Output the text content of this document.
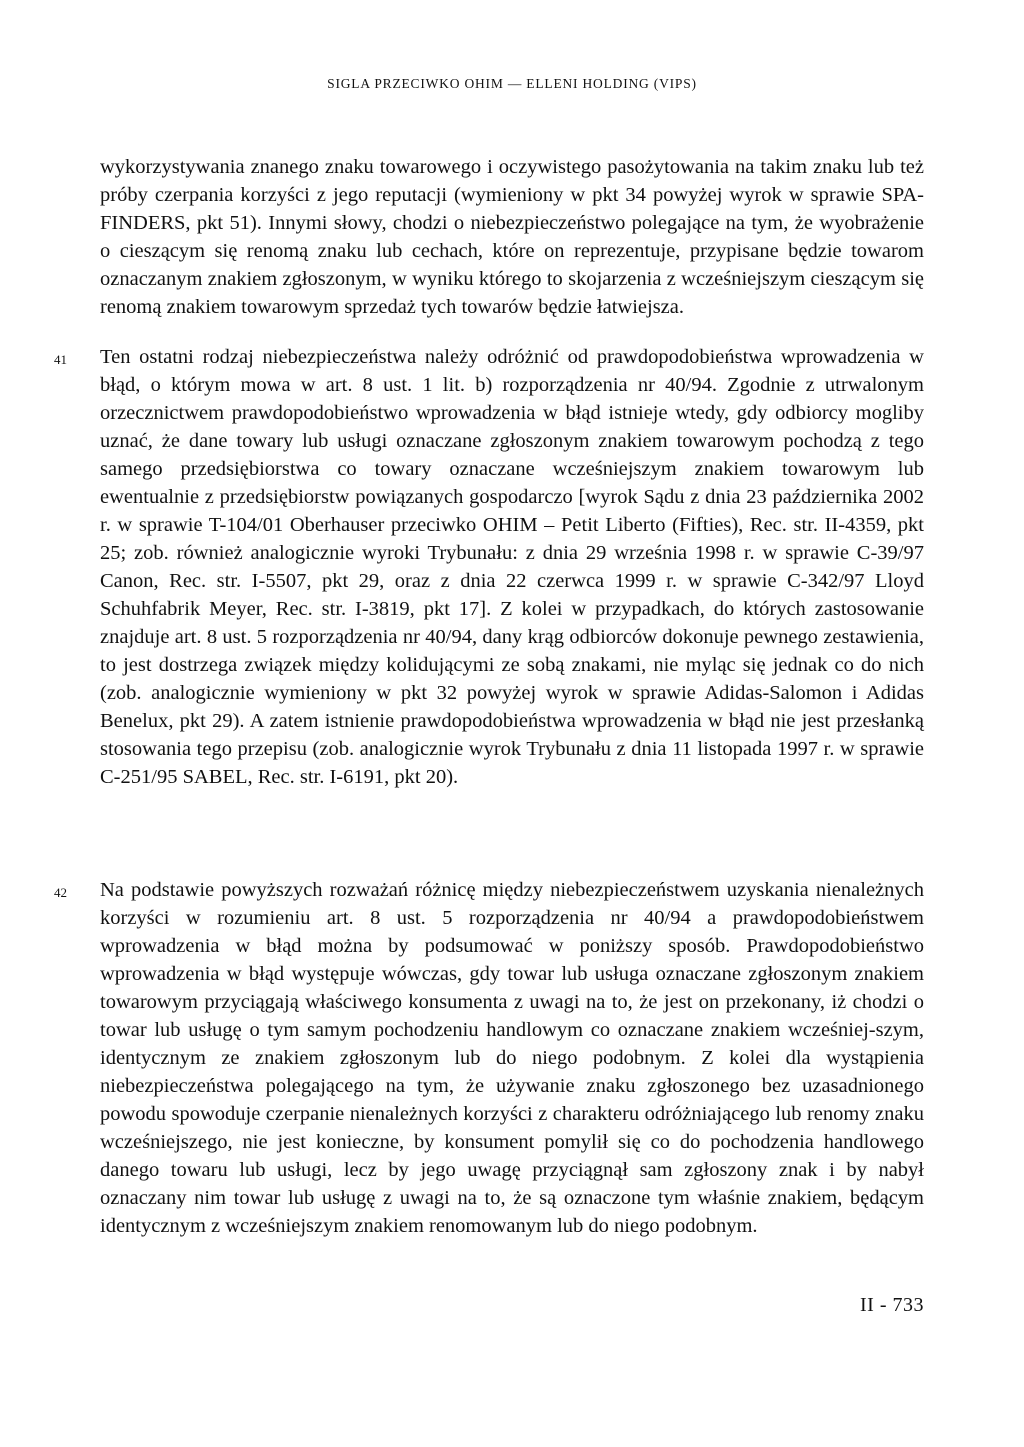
SIGLA PRZECIWKO OHIM — ELLENI HOLDING (VIPS)

wykorzystywania znanego znaku towarowego i oczywistego pasożytowania na takim znaku lub też próby czerpania korzyści z jego reputacji (wymieniony w pkt 34 powyżej wyrok w sprawie SPA-FINDERS, pkt 51). Innymi słowy, chodzi o niebezpieczeństwo polegające na tym, że wyobrażenie o cieszącym się renomą znaku lub cechach, które on reprezentuje, przypisane będzie towarom oznaczanym znakiem zgłoszonym, w wyniku którego to skojarzenia z wcześniejszym cieszącym się renomą znakiem towarowym sprzedaż tych towarów będzie łatwiejsza.

41 Ten ostatni rodzaj niebezpieczeństwa należy odróżnić od prawdopodobieństwa wprowadzenia w błąd, o którym mowa w art. 8 ust. 1 lit. b) rozporządzenia nr 40/94. Zgodnie z utrwalonym orzecznictwem prawdopodobieństwo wprowadzenia w błąd istnieje wtedy, gdy odbiorcy mogliby uznać, że dane towary lub usługi oznaczane zgłoszonym znakiem towarowym pochodzą z tego samego przedsiębiorstwa co towary oznaczane wcześniejszym znakiem towarowym lub ewentualnie z przedsiębiorstw powiązanych gospodarczo [wyrok Sądu z dnia 23 października 2002 r. w sprawie T-104/01 Oberhauser przeciwko OHIM – Petit Liberto (Fifties), Rec. str. II-4359, pkt 25; zob. również analogicznie wyroki Trybunału: z dnia 29 września 1998 r. w sprawie C-39/97 Canon, Rec. str. I-5507, pkt 29, oraz z dnia 22 czerwca 1999 r. w sprawie C-342/97 Lloyd Schuhfabrik Meyer, Rec. str. I-3819, pkt 17]. Z kolei w przypadkach, do których zastosowanie znajduje art. 8 ust. 5 rozporządzenia nr 40/94, dany krąg odbiorców dokonuje pewnego zestawienia, to jest dostrzega związek między kolidującymi ze sobą znakami, nie myląc się jednak co do nich (zob. analogicznie wymieniony w pkt 32 powyżej wyrok w sprawie Adidas-Salomon i Adidas Benelux, pkt 29). A zatem istnienie prawdopodobieństwa wprowadzenia w błąd nie jest przesłanką stosowania tego przepisu (zob. analogicznie wyrok Trybunału z dnia 11 listopada 1997 r. w sprawie C-251/95 SABEL, Rec. str. I-6191, pkt 20).

42 Na podstawie powyższych rozważań różnicę między niebezpieczeństwem uzyskania nienależnych korzyści w rozumieniu art. 8 ust. 5 rozporządzenia nr 40/94 a prawdopodobieństwem wprowadzenia w błąd można by podsumować w poniższy sposób. Prawdopodobieństwo wprowadzenia w błąd występuje wówczas, gdy towar lub usługa oznaczane zgłoszonym znakiem towarowym przyciągają właściwego konsumenta z uwagi na to, że jest on przekonany, iż chodzi o towar lub usługę o tym samym pochodzeniu handlowym co oznaczane znakiem wcześniej-szym, identycznym ze znakiem zgłoszonym lub do niego podobnym. Z kolei dla wystąpienia niebezpieczeństwa polegającego na tym, że używanie znaku zgłoszonego bez uzasadnionego powodu spowoduje czerpanie nienależnych korzyści z charakteru odróżniającego lub renomy znaku wcześniejszego, nie jest konieczne, by konsument pomylił się co do pochodzenia handlowego danego towaru lub usługi, lecz by jego uwagę przyciągnął sam zgłoszony znak i by nabył oznaczany nim towar lub usługę z uwagi na to, że są oznaczone tym właśnie znakiem, będącym identycznym z wcześniejszym znakiem renomowanym lub do niego podobnym.

II - 733
